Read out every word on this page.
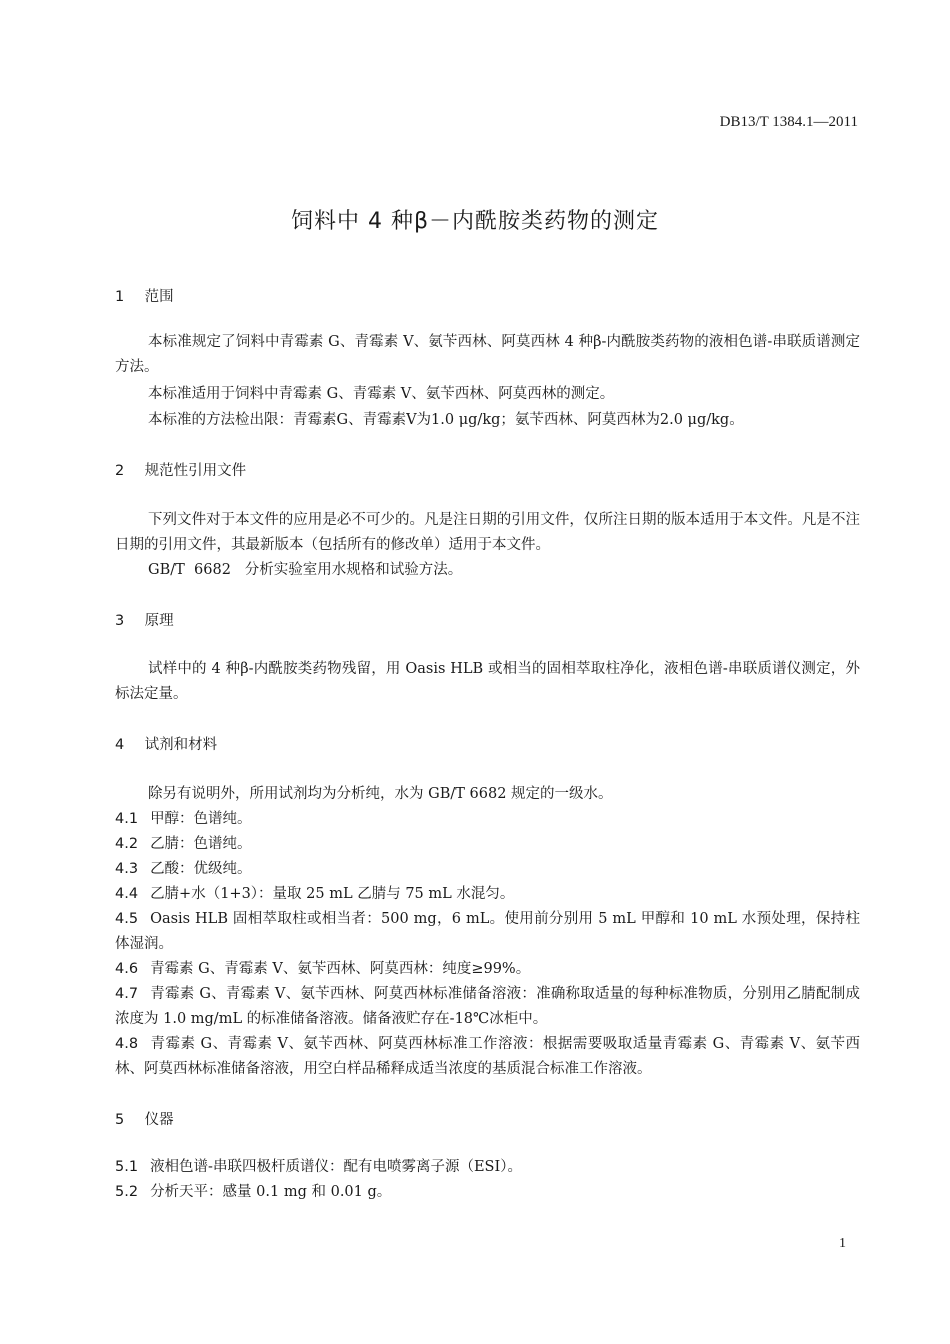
DB13/T 1384.1—2011
饲料中 4 种β－内酰胺类药物的测定
1 范围
本标准规定了饲料中青霉素 G、青霉素 V、氨苄西林、阿莫西林 4 种β-内酰胺类药物的液相色谱-串联质谱测定方法。
本标准适用于饲料中青霉素 G、青霉素 V、氨苄西林、阿莫西林的测定。
本标准的方法检出限：青霉素G、青霉素V为1.0 μg/kg；氨苄西林、阿莫西林为2.0 μg/kg。
2 规范性引用文件
下列文件对于本文件的应用是必不可少的。凡是注日期的引用文件，仅所注日期的版本适用于本文件。凡是不注日期的引用文件，其最新版本（包括所有的修改单）适用于本文件。
GB/T  6682   分析实验室用水规格和试验方法。
3 原理
试样中的 4 种β-内酰胺类药物残留，用 Oasis HLB 或相当的固相萃取柱净化，液相色谱-串联质谱仪测定，外标法定量。
4 试剂和材料
除另有说明外，所用试剂均为分析纯，水为 GB/T 6682 规定的一级水。
4.1 甲醇：色谱纯。
4.2 乙腈：色谱纯。
4.3 乙酸：优级纯。
4.4 乙腈+水（1+3）：量取 25 mL 乙腈与 75 mL 水混匀。
4.5 Oasis HLB 固相萃取柱或相当者：500 mg，6 mL。使用前分别用 5 mL 甲醇和 10 mL 水预处理，保持柱体湿润。
4.6 青霉素 G、青霉素 V、氨苄西林、阿莫西林：纯度≥99%。
4.7 青霉素 G、青霉素 V、氨苄西林、阿莫西林标准储备溶液：准确称取适量的每种标准物质，分别用乙腈配制成浓度为 1.0 mg/mL 的标准储备溶液。储备液贮存在-18℃冰柜中。
4.8 青霉素 G、青霉素 V、氨苄西林、阿莫西林标准工作溶液：根据需要吸取适量青霉素 G、青霉素 V、氨苄西林、阿莫西林标准储备溶液，用空白样品稀释成适当浓度的基质混合标准工作溶液。
5 仪器
5.1 液相色谱-串联四极杆质谱仪：配有电喷雾离子源（ESI）。
5.2 分析天平：感量 0.1 mg 和 0.01 g。
1
